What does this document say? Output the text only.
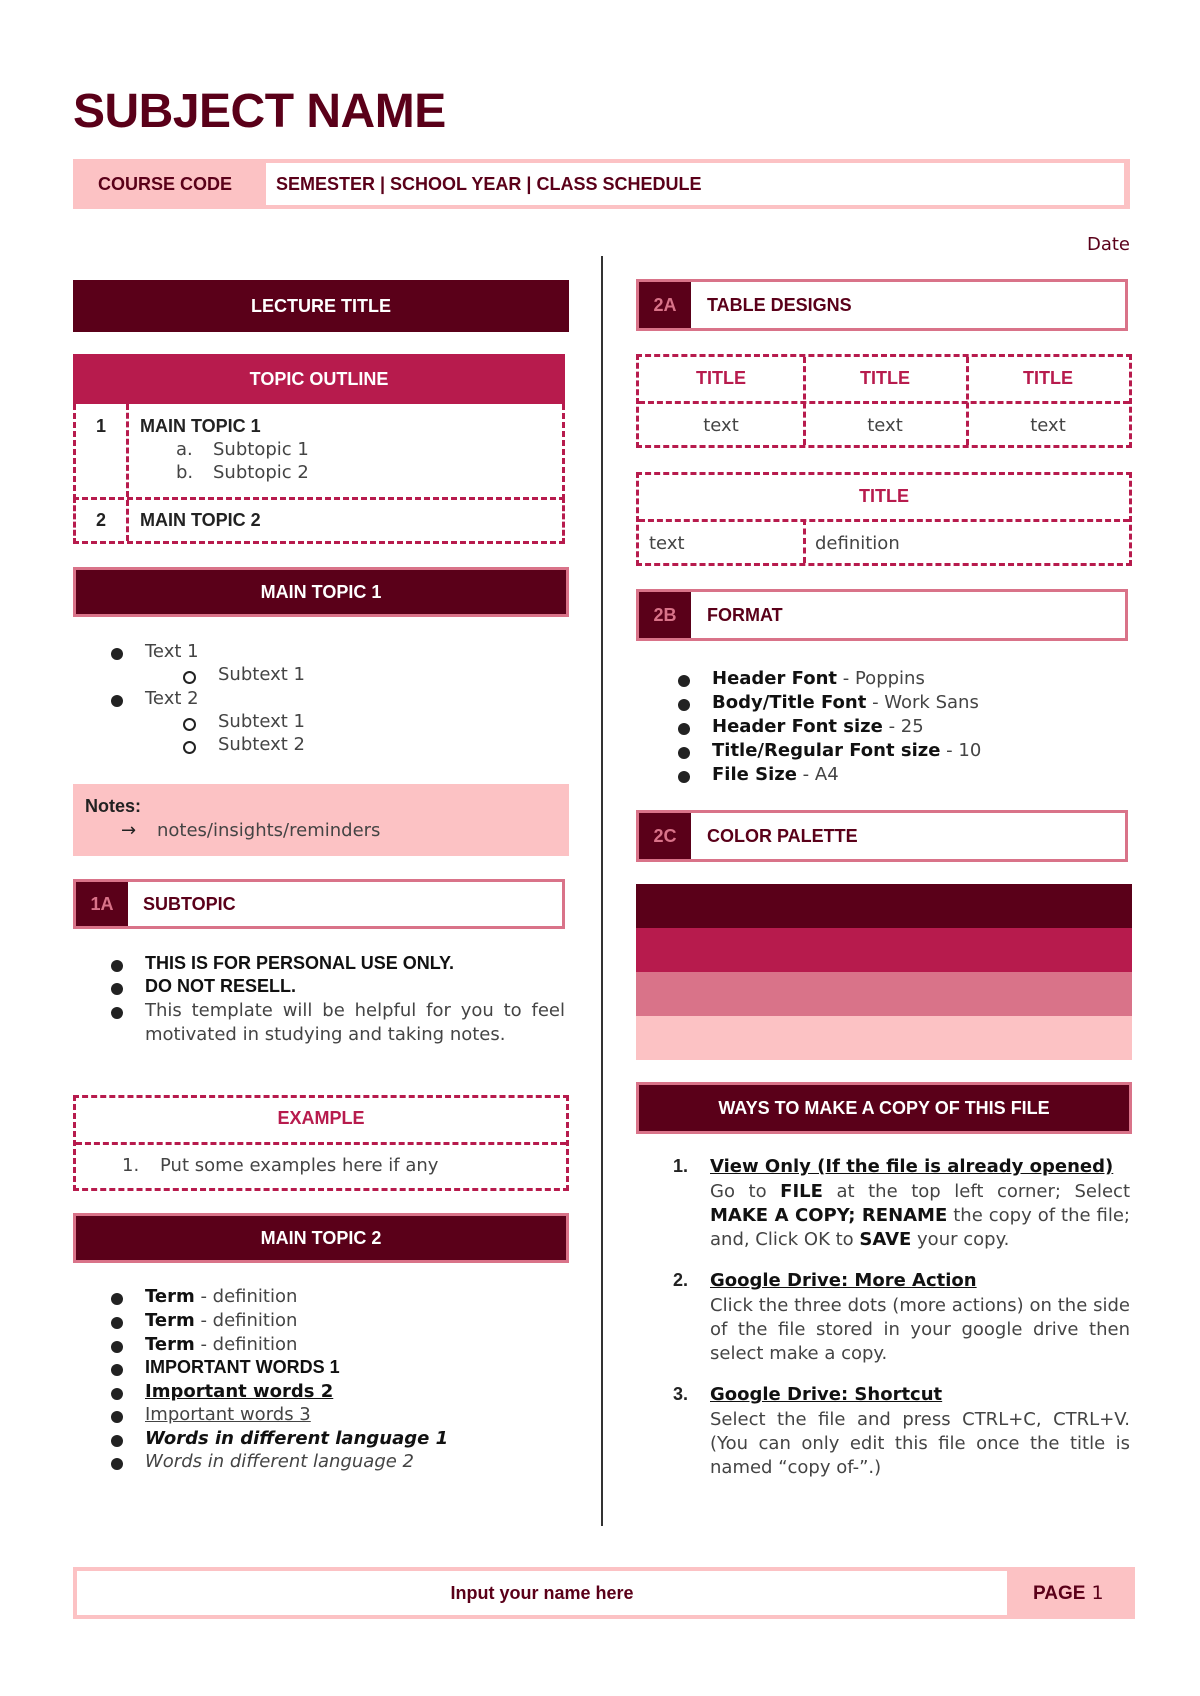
SUBJECT NAME
COURSE CODE SEMESTER | SCHOOL YEAR | CLASS SCHEDULE
Date
LECTURE TITLE
TOPIC OUTLINE
1 MAIN TOPIC 1
a. Subtopic 1
b. Subtopic 2
2 MAIN TOPIC 2
MAIN TOPIC 1
Text 1
Subtext 1
Text 2
Subtext 1
Subtext 2
Notes:
→ notes/insights/reminders
1A	SUBTOPIC
THIS IS FOR PERSONAL USE ONLY.
DO NOT RESELL.
This template will be helpful for you to feel motivated in studying and taking notes.
EXAMPLE
1. Put some examples here if any
MAIN TOPIC 2
Term - definition
Term - definition
Term - definition
IMPORTANT WORDS 1
Important words 2
Important words 3
Words in different language 1
Words in different language 2
2A	TABLE DESIGNS
TITLE	TITLE	TITLE
text	text	text
TITLE
text	definition
2B	FORMAT
Header Font - Poppins
Body/Title Font - Work Sans
Header Font size - 25
Title/Regular Font size - 10
File Size - A4
2C	COLOR PALETTE
WAYS TO MAKE A COPY OF THIS FILE
1. View Only (If the file is already opened)
Go to FILE at the top left corner; Select MAKE A COPY; RENAME the copy of the file; and, Click OK to SAVE your copy.
2. Google Drive: More Action
Click the three dots (more actions) on the side of the file stored in your google drive then select make a copy.
3. Google Drive: Shortcut
Select the file and press CTRL+C, CTRL+V. (You can only edit this file once the title is named “copy of-”.)
Input your name here	PAGE 1
